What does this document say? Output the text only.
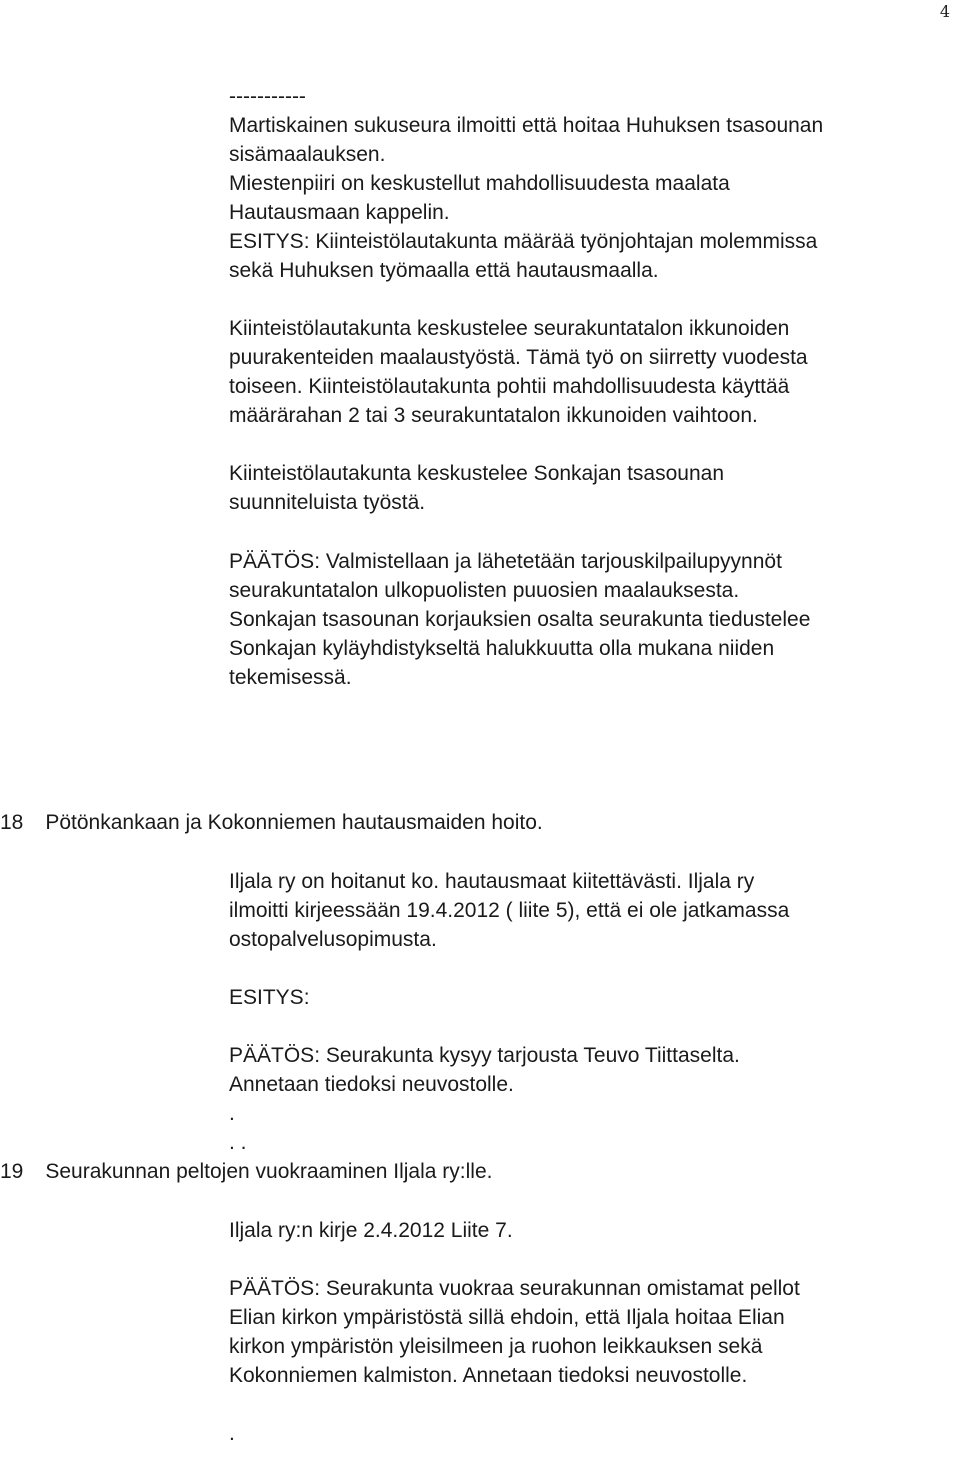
4
-----------
Martiskainen sukuseura ilmoitti että hoitaa Huhuksen tsasounan
sisämaalauksen.
Miestenpiiri on keskustellut mahdollisuudesta maalata
Hautausmaan kappelin.
ESITYS: Kiinteistölautakunta määrää työnjohtajan molemmissa
sekä Huhuksen työmaalla että hautausmaalla.
Kiinteistölautakunta keskustelee seurakuntatalon ikkunoiden
puurakenteiden maalaustyöstä. Tämä työ on siirretty vuodesta
toiseen. Kiinteistölautakunta pohtii mahdollisuudesta käyttää
määrärahan 2 tai 3 seurakuntatalon ikkunoiden vaihtoon.
Kiinteistölautakunta keskustelee Sonkajan tsasounan
suunniteluista työstä.
PÄÄTÖS: Valmistellaan ja lähetetään tarjouskilpailupyynnöt
seurakuntatalon ulkopuolisten puuosien maalauksesta.
Sonkajan tsasounan korjauksien osalta seurakunta tiedustelee
Sonkajan kyläyhdistykseltä halukkuutta olla mukana niiden
tekemisessä.
18 Pötönkankaan ja Kokonniemen hautausmaiden hoito.
Iljala ry on hoitanut ko. hautausmaat kiitettävästi. Iljala ry
ilmoitti kirjeessään 19.4.2012 ( liite 5), että ei ole jatkamassa
ostopalvelusopimusta.
ESITYS:
PÄÄTÖS: Seurakunta kysyy tarjousta Teuvo Tiittaselta.
Annetaan tiedoksi neuvostolle.
.
. .
19 Seurakunnan peltojen vuokraaminen Iljala ry:lle.
Iljala ry:n kirje 2.4.2012 Liite 7.
PÄÄTÖS: Seurakunta vuokraa seurakunnan omistamat pellot
Elian kirkon ympäristöstä sillä ehdoin, että Iljala hoitaa Elian
kirkon ympäristön yleisilmeen ja ruohon leikkauksen sekä
Kokonniemen kalmiston. Annetaan tiedoksi neuvostolle.
.
